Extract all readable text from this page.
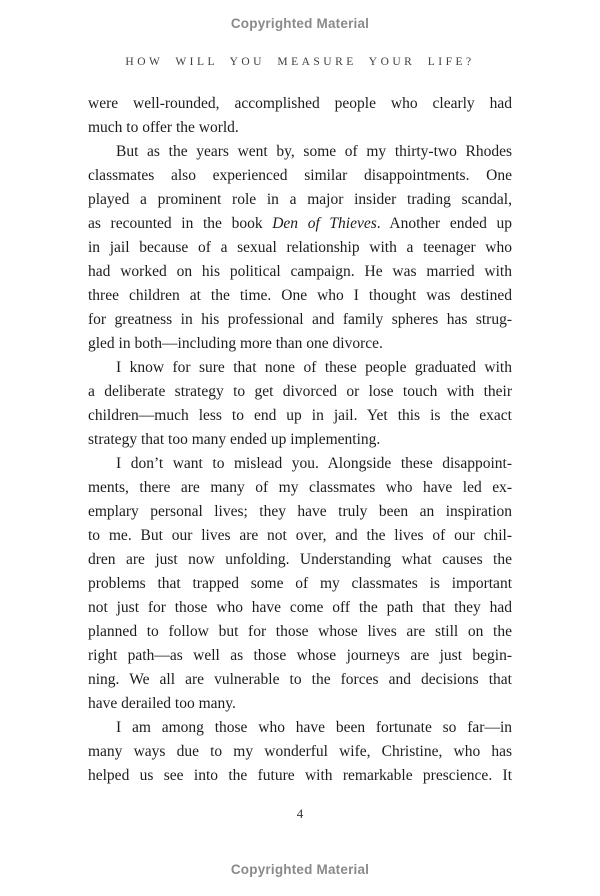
Copyrighted Material
HOW WILL YOU MEASURE YOUR LIFE?
were well-rounded, accomplished people who clearly had
much to offer the world.
But as the years went by, some of my thirty-two Rhodes
classmates also experienced similar disappointments. One
played a prominent role in a major insider trading scandal,
as recounted in the book Den of Thieves. Another ended up
in jail because of a sexual relationship with a teenager who
had worked on his political campaign. He was married with
three children at the time. One who I thought was destined
for greatness in his professional and family spheres has strug-
gled in both—including more than one divorce.
I know for sure that none of these people graduated with
a deliberate strategy to get divorced or lose touch with their
children—much less to end up in jail. Yet this is the exact
strategy that too many ended up implementing.
I don’t want to mislead you. Alongside these disappoint-
ments, there are many of my classmates who have led ex-
emplary personal lives; they have truly been an inspiration
to me. But our lives are not over, and the lives of our chil-
dren are just now unfolding. Understanding what causes the
problems that trapped some of my classmates is important
not just for those who have come off the path that they had
planned to follow but for those whose lives are still on the
right path—as well as those whose journeys are just begin-
ning. We all are vulnerable to the forces and decisions that
have derailed too many.
I am among those who have been fortunate so far—in
many ways due to my wonderful wife, Christine, who has
helped us see into the future with remarkable prescience. It
4
Copyrighted Material
